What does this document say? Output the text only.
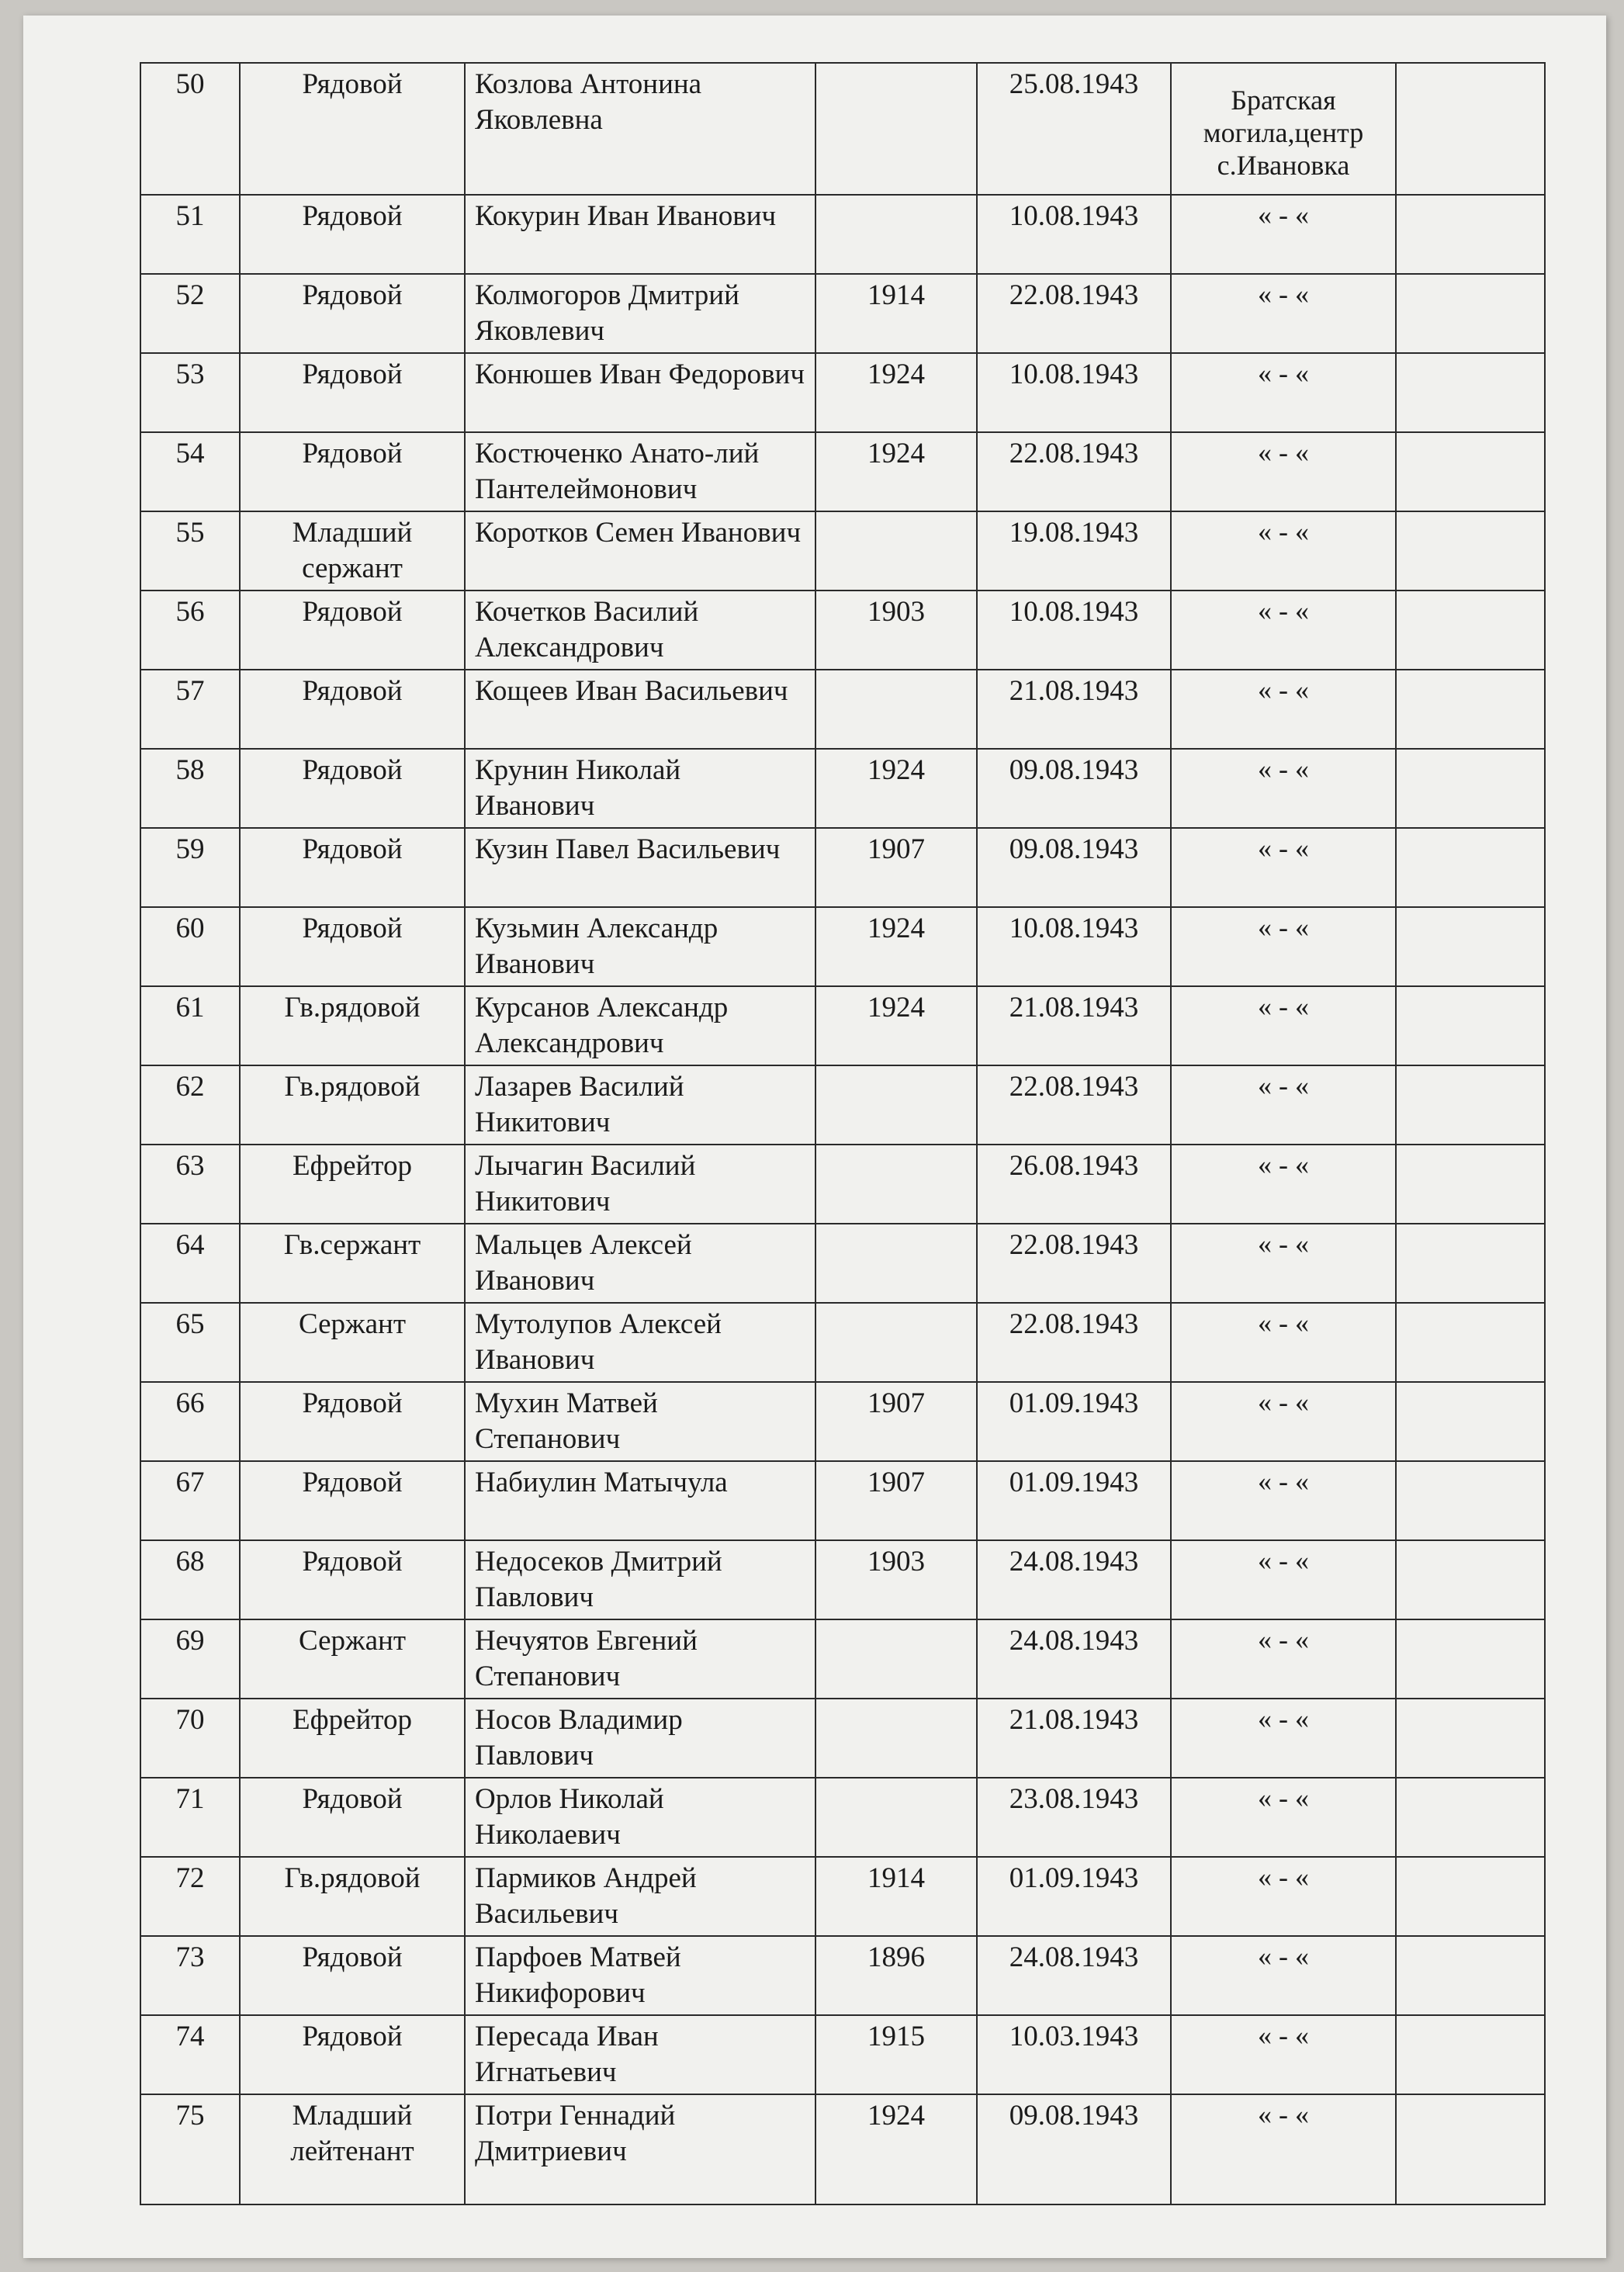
50	Рядовой	Козлова Антонина Яковлевна		25.08.1943	Братская могила,центр с.Ивановка	
51	Рядовой	Кокурин Иван Иванович		10.08.1943	« - «	
52	Рядовой	Колмогоров Дмитрий Яковлевич	1914	22.08.1943	« - «	
53	Рядовой	Конюшев Иван Федорович	1924	10.08.1943	« - «	
54	Рядовой	Костюченко Анато-лий Пантелеймонович	1924	22.08.1943	« - «	
55	Младший сержант	Коротков Семен Иванович		19.08.1943	« - «	
56	Рядовой	Кочетков Василий Александрович	1903	10.08.1943	« - «	
57	Рядовой	Кощеев Иван Васильевич		21.08.1943	« - «	
58	Рядовой	Крунин Николай Иванович	1924	09.08.1943	« - «	
59	Рядовой	Кузин Павел Васильевич	1907	09.08.1943	« - «	
60	Рядовой	Кузьмин Александр Иванович	1924	10.08.1943	« - «	
61	Гв.рядовой	Курсанов Александр Александрович	1924	21.08.1943	« - «	
62	Гв.рядовой	Лазарев Василий Никитович		22.08.1943	« - «	
63	Ефрейтор	Лычагин Василий Никитович		26.08.1943	« - «	
64	Гв.сержант	Мальцев Алексей Иванович		22.08.1943	« - «	
65	Сержант	Мутолупов Алексей Иванович		22.08.1943	« - «	
66	Рядовой	Мухин Матвей Степанович	1907	01.09.1943	« - «	
67	Рядовой	Набиулин Матычула	1907	01.09.1943	« - «	
68	Рядовой	Недосеков Дмитрий Павлович	1903	24.08.1943	« - «	
69	Сержант	Нечуятов Евгений Степанович		24.08.1943	« - «	
70	Ефрейтор	Носов Владимир Павлович		21.08.1943	« - «	
71	Рядовой	Орлов Николай Николаевич		23.08.1943	« - «	
72	Гв.рядовой	Пармиков Андрей Васильевич	1914	01.09.1943	« - «	
73	Рядовой	Парфоев Матвей Никифорович	1896	24.08.1943	« - «	
74	Рядовой	Пересада Иван Игнатьевич	1915	10.03.1943	« - «	
75	Младший лейтенант	Потри Геннадий Дмитриевич	1924	09.08.1943	« - «	
